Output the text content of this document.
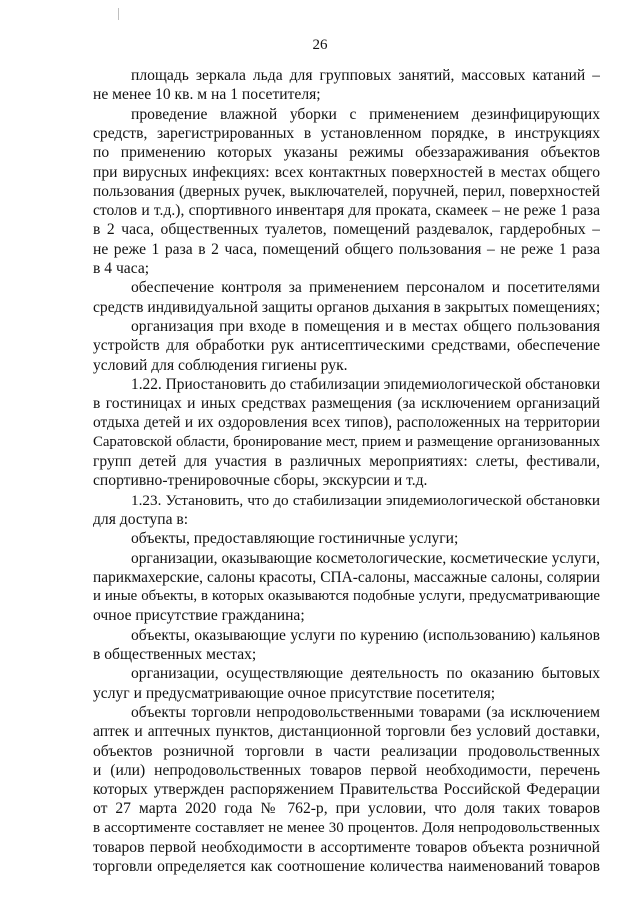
26
площадь зеркала льда для групповых занятий, массовых катаний –
не менее 10 кв. м на 1 посетителя;
проведение влажной уборки с применением дезинфицирующих
средств, зарегистрированных в установленном порядке, в инструкциях
по применению которых указаны режимы обеззараживания объектов
при вирусных инфекциях: всех контактных поверхностей в местах общего
пользования (дверных ручек, выключателей, поручней, перил, поверхностей
столов и т.д.), спортивного инвентаря для проката, скамеек – не реже 1 раза
в 2 часа, общественных туалетов, помещений раздевалок, гардеробных –
не реже 1 раза в 2 часа, помещений общего пользования – не реже 1 раза
в 4 часа;
обеспечение контроля за применением персоналом и посетителями
средств индивидуальной защиты органов дыхания в закрытых помещениях;
организация при входе в помещения и в местах общего пользования
устройств для обработки рук антисептическими средствами, обеспечение
условий для соблюдения гигиены рук.
1.22. Приостановить до стабилизации эпидемиологической обстановки
в гостиницах и иных средствах размещения (за исключением организаций
отдыха детей и их оздоровления всех типов), расположенных на территории
Саратовской области, бронирование мест, прием и размещение организованных
групп детей для участия в различных мероприятиях: слеты, фестивали,
спортивно-тренировочные сборы, экскурсии и т.д.
1.23. Установить, что до стабилизации эпидемиологической обстановки
для доступа в:
объекты, предоставляющие гостиничные услуги;
организации, оказывающие косметологические, косметические услуги,
парикмахерские, салоны красоты, СПА-салоны, массажные салоны, солярии
и иные объекты, в которых оказываются подобные услуги, предусматривающие
очное присутствие гражданина;
объекты, оказывающие услуги по курению (использованию) кальянов
в общественных местах;
организации, осуществляющие деятельность по оказанию бытовых
услуг и предусматривающие очное присутствие посетителя;
объекты торговли непродовольственными товарами (за исключением
аптек и аптечных пунктов, дистанционной торговли без условий доставки,
объектов розничной торговли в части реализации продовольственных
и (или) непродовольственных товаров первой необходимости, перечень
которых утвержден распоряжением Правительства Российской Федерации
от 27 марта 2020 года № 762-р, при условии, что доля таких товаров
в ассортименте составляет не менее 30 процентов. Доля непродовольственных
товаров первой необходимости в ассортименте товаров объекта розничной
торговли определяется как соотношение количества наименований товаров
